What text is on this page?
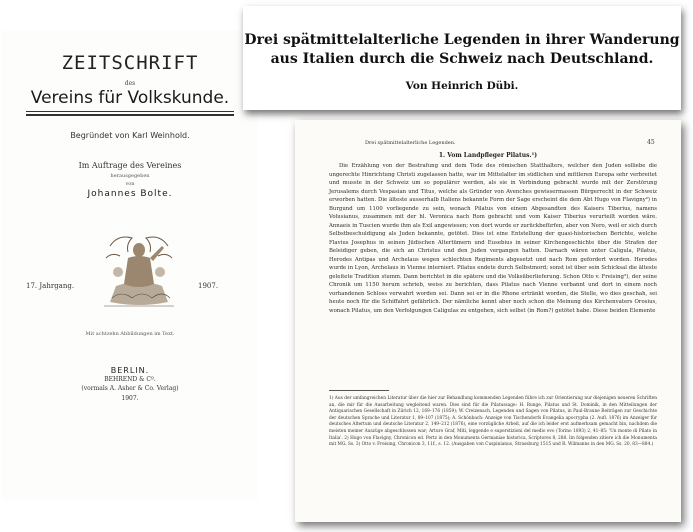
ZEITSCHRIFT
des
Vereins für Volkskunde.
Begründet von Karl Weinhold.
Im Auftrage des Vereines
herausgegeben
von
Johannes Bolte.
17. Jahrgang.	1907.
Mit achtzehn Abbildungen im Text.
BERLIN.
BEHREND & Cº.
(vormals A. Asher & Co. Verlag)
1907.
Drei spätmittelalterliche Legenden in ihrer Wanderung
aus Italien durch die Schweiz nach Deutschland.
Von Heinrich Dübi.
Drei spätmittelalterliche Legenden.	45
1. Vom Landpfleger Pilatus.¹)

Die Erzählung von der Bestrafung und dem Tode des römischen Statthalters, welcher den Juden solliebe die ungerechte Hinrichtung Christi zugelassen hatte, war im Mittelalter im südlichen und mittleren Europa sehr verbreitet und musste in der Schweiz um so populärer werden, als sie in Verbindung gebracht wurde mit der Zerstörung Jerusalems durch Vespasian und Titus, welche als Gründer von Avenches gewissermassen Bürgerrecht in der Schweiz erworben hatten. Die älteste ausserhalb Italiens bekannte Form der Sage erscheint die dem Abt Hugo von Flavigny²) in Burgund um 1100 vorliegende zu sein, wonach Pilatus von einem Abgesandten des Kaisers Tiberius, namens Volusianus, zusammen mit der hl. Veronica nach Rom gebracht und vom Kaiser Tiberius verurteilt worden wäre. Annaeis in Tuscien wurde ihm als Exil angewiesen; von dort wurde er zurückbefürfen, aber von Nero, weil er sich durch Selbstbeschuldigung als Juden bekannte, getötet. Dies ist eine Entstellung der quasi-historischen Berichte, welche Flavius Josephus in seinen Jüdischen Altertümern und Eusebius in seiner Kirchengeschichte über die Strafen der Beleidiger geben, die sich an Christus und den Juden vergangen hatten. Darnach wären unter Caligula, Pilatus, Herodes Antipas und Archelaus wegen schlechten Regiments abgesetzt und nach Rom gefordert worden. Herodes wurde in Lyon, Archelaus in Vienne interniert. Pilatus endete durch Selbstmord; sonst ist über sein Schicksal die älteste geleitete Tradition stumm. Dann berichtet in die spätere und die Volksüberlieferung. Schon Otto v. Freising³), der seine Chronik um 1150 herum schrieb, weiss zu berichten, dass Pilatus nach Vienne verbannt und dort in einem noch vorhandenen Schloss verwahrt worden sei. Dann sei er in die Rhone ertränkt worden, die Stelle, wo dies geschah, sei heute noch für die Schiffahrt gefährlich. Der nämliche kennt aber noch schon die Meinung des Kirchenvaters Orosius, wonach Pilatus, um den Verfolgungen Caligulas zu entgehen, sich selbst (in Rom?) getötet habe. Diese beiden Elemente

1) Aus der umfangreichen Literatur über die hier zur Behandlung kommenden Legenden führe ich zur Orientierung nur diejenigen neueren Schriften an, die mir für die Ausarbeitung wegleitend waren. Dies sind für die Pilatussage: H. Runge, Pilatus und St. Dominik, in den Mitteilungen der Antiquarischen Gesellschaft in Zürich 12, 169–176 (1859); W. Creizenach, Legenden und Sagen von Pilatus, in Paul-Braune Beiträgen zur Geschichte der deutschen Sprache und Literatur 1, 89–107 (1875); A. Schönbach: Anzeige von Tischendorfs Evangelia apocrypha (2. Aufl. 1876) im Anzeiger für deutsches Altertum und deutsche Literatur 2, 149–212 (1876), eine vorzügliche Arbeit, auf die ich leider erst aufmerksam gemacht bin, nachdem die meisten meiner Auszüge abgeschlossen war; Arturo Graf, Miti, leggende e superstizioni del medio evo (Torino 1893) 2, 41–85: 'Un monte di Pilato in Italia'. 2) Hugo von Flavigny, Chronicon ed. Pertz in den Monumenta Germaniae historica, Scriptores 8, 288. Im folgenden zitiere ich die Monumenta mit MG. Ss. 3) Otto v. Freising, Chronicon 3, 11f., s. 12. (Ausgaben von Cuspinianus, Strassburg 1515 und R. Wilmanns in den MG. Ss. 20, 83—884.)
